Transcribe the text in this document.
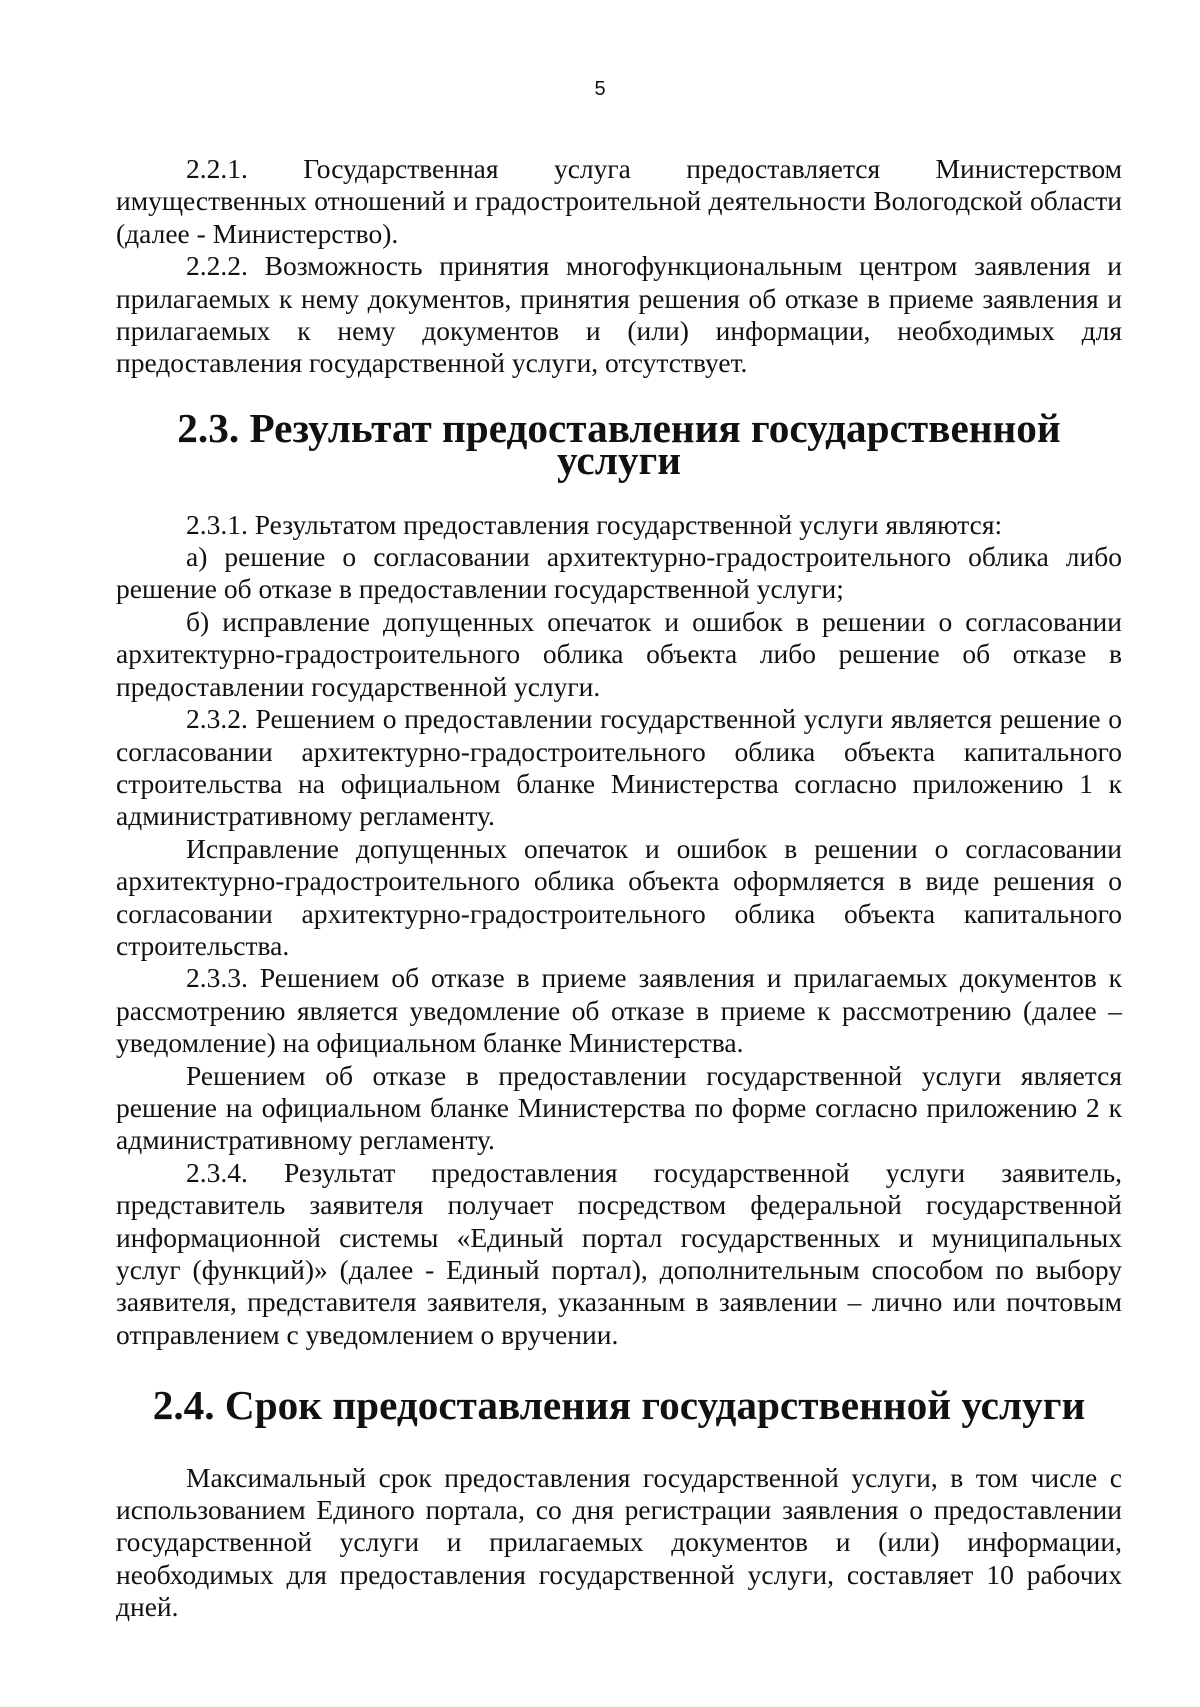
5

2.2.1. Государственная услуга предоставляется Министерством имущественных отношений и градостроительной деятельности Вологодской области (далее - Министерство).

2.2.2. Возможность принятия многофункциональным центром заявления и прилагаемых к нему документов, принятия решения об отказе в приеме заявления и прилагаемых к нему документов и (или) информации, необходимых для предоставления государственной услуги, отсутствует.

2.3. Результат предоставления государственной услуги

2.3.1. Результатом предоставления государственной услуги являются:

а) решение о согласовании архитектурно-градостроительного облика либо решение об отказе в предоставлении государственной услуги;

б) исправление допущенных опечаток и ошибок в решении о согласовании архитектурно-градостроительного облика объекта либо решение об отказе в предоставлении государственной услуги.

2.3.2. Решением о предоставлении государственной услуги является решение о согласовании архитектурно-градостроительного облика объекта капитального строительства на официальном бланке Министерства согласно приложению 1 к административному регламенту.

Исправление допущенных опечаток и ошибок в решении о согласовании архитектурно-градостроительного облика объекта оформляется в виде решения о согласовании архитектурно-градостроительного облика объекта капитального строительства.

2.3.3. Решением об отказе в приеме заявления и прилагаемых документов к рассмотрению является уведомление об отказе в приеме к рассмотрению (далее – уведомление) на официальном бланке Министерства.

Решением об отказе в предоставлении государственной услуги является решение на официальном бланке Министерства по форме согласно приложению 2 к административному регламенту.

2.3.4. Результат предоставления государственной услуги заявитель, представитель заявителя получает посредством федеральной государственной информационной системы «Единый портал государственных и муниципальных услуг (функций)» (далее - Единый портал), дополнительным способом по выбору заявителя, представителя заявителя, указанным в заявлении – лично или почтовым отправлением с уведомлением о вручении.

2.4. Срок предоставления государственной услуги

Максимальный срок предоставления государственной услуги, в том числе с использованием Единого портала, со дня регистрации заявления о предоставлении государственной услуги и прилагаемых документов и (или) информации, необходимых для предоставления государственной услуги, составляет 10 рабочих дней.
